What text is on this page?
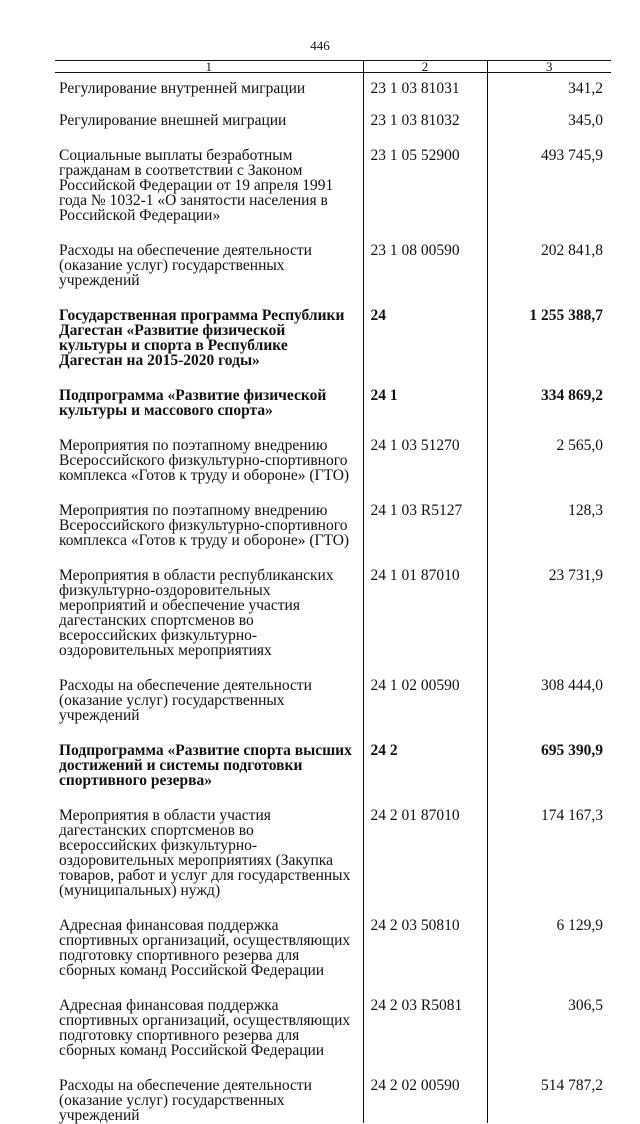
446
1	2	3
Регулирование внутренней миграции	23 1 03 81031	341,2

Регулирование внешней миграции	23 1 03 81032	345,0

Социальные выплаты безработным гражданам в соответствии с Законом Российской Федерации от 19 апреля 1991 года № 1032-1 «О занятости населения в Российской Федерации»	23 1 05 52900	493 745,9

Расходы на обеспечение деятельности (оказание услуг) государственных учреждений	23 1 08 00590	202 841,8

Государственная программа Республики Дагестан «Развитие физической культуры и спорта в Республике Дагестан на 2015-2020 годы»	24	1 255 388,7

Подпрограмма «Развитие физической культуры и массового спорта»	24 1	334 869,2

Мероприятия по поэтапному внедрению Всероссийского физкультурно-спортивного комплекса «Готов к труду и обороне» (ГТО)	24 1 03 51270	2 565,0

Мероприятия по поэтапному внедрению Всероссийского физкультурно-спортивного комплекса «Готов к труду и обороне» (ГТО)	24 1 03 R5127	128,3

Мероприятия в области республиканских физкультурно-оздоровительных мероприятий и обеспечение участия дагестанских спортсменов во всероссийских физкультурно-оздоровительных мероприятиях	24 1 01 87010	23 731,9

Расходы на обеспечение деятельности (оказание услуг) государственных учреждений	24 1 02 00590	308 444,0

Подпрограмма «Развитие спорта высших достижений и системы подготовки спортивного резерва»	24 2	695 390,9

Мероприятия в области участия дагестанских спортсменов во всероссийских физкультурно-оздоровительных мероприятиях (Закупка товаров, работ и услуг для государственных (муниципальных) нужд)	24 2 01 87010	174 167,3

Адресная финансовая поддержка спортивных организаций, осуществляющих подготовку спортивного резерва для сборных команд Российской Федерации	24 2 03 50810	6 129,9

Адресная финансовая поддержка спортивных организаций, осуществляющих подготовку спортивного резерва для сборных команд Российской Федерации	24 2 03 R5081	306,5

Расходы на обеспечение деятельности (оказание услуг) государственных учреждений	24 2 02 00590	514 787,2
